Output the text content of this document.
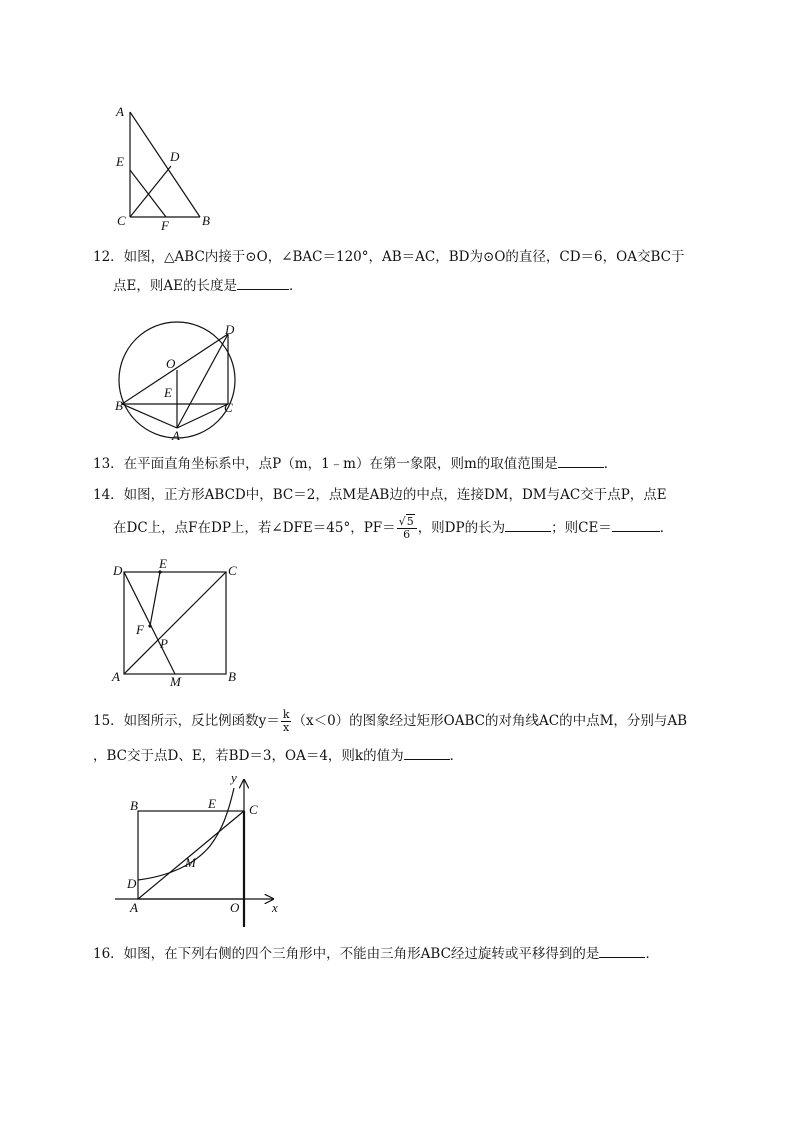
A
E	D
C	F	B
12．如图，△ABC内接于⊙O，∠BAC＝120°，AB＝AC，BD为⊙O的直径，CD＝6，OA交BC于
点E，则AE的长度是	．
D
O
E
B	C
A
13．在平面直角坐标系中，点P（m，1﹣m）在第一象限，则m的取值范围是	．
14．如图，正方形ABCD中，BC＝2，点M是AB边的中点，连接DM，DM与AC交于点P，点E
在DC上，点F在DP上，若∠DFE＝45°，$PF= \frac{√5}{6}$ ，则DP的长为	；则CE＝	．
D	E	C
F
P
A	M	B
15．如图所示，反比例函数$y= \frac{k}{x} (x<0)$的图象经过矩形OABC的对角线AC的中点M，分别与AB
，BC交于点D、E，若BD＝3，OA＝4，则k的值为	．
y
B	E	C
M
D
A	O	x
16．如图，在下列右侧的四个三角形中，不能由三角形ABC经过旋转或平移得到的是	．
